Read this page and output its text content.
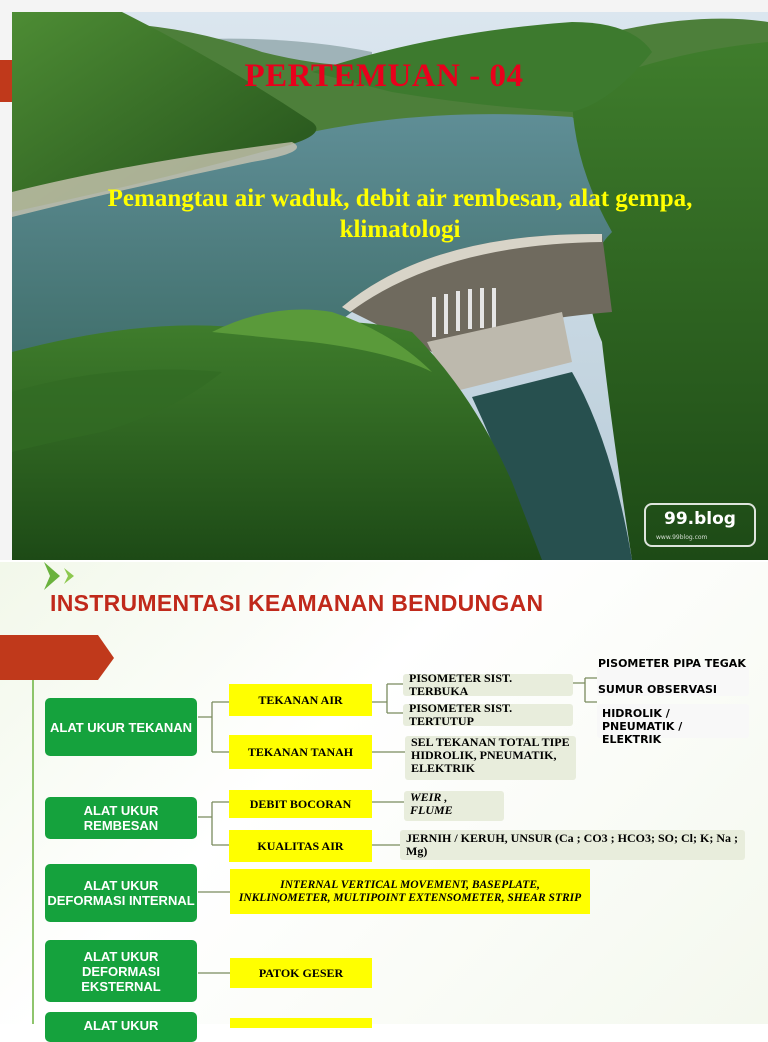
PERTEMUAN - 04
Pemangtau air waduk, debit air rembesan, alat gempa, klimatologi
99.blog
www.99blog.com
INSTRUMENTASI KEAMANAN BENDUNGAN
ALAT UKUR TEKANAN
ALAT UKUR REMBESAN
ALAT UKUR DEFORMASI INTERNAL
ALAT UKUR DEFORMASI EKSTERNAL
ALAT UKUR
TEKANAN AIR
TEKANAN TANAH
DEBIT BOCORAN
KUALITAS AIR
INTERNAL VERTICAL MOVEMENT, BASEPLATE, INKLINOMETER, MULTIPOINT EXTENSOMETER, SHEAR STRIP
PATOK GESER
PISOMETER SIST. TERBUKA
PISOMETER SIST. TERTUTUP
PISOMETER PIPA TEGAK
SUMUR OBSERVASI
HIDROLIK / PNEUMATIK / ELEKTRIK
SEL TEKANAN TOTAL TIPE HIDROLIK, PNEUMATIK, ELEKTRIK
WEIR ,
FLUME
JERNIH / KERUH, UNSUR (Ca ; CO3 ; HCO3; SO; Cl; K; Na ; Mg)
